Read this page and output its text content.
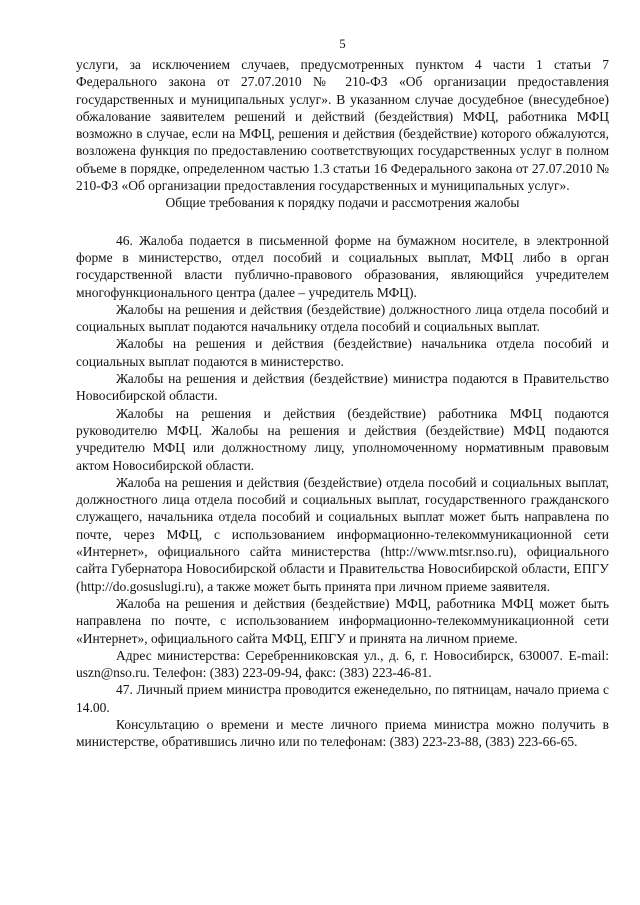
5

услуги, за исключением случаев, предусмотренных пунктом 4 части 1 статьи 7 Федерального закона от 27.07.2010 № 210-ФЗ «Об организации предоставления государственных и муниципальных услуг». В указанном случае досудебное (внесудебное) обжалование заявителем решений и действий (бездействия) МФЦ, работника МФЦ возможно в случае, если на МФЦ, решения и действия (бездействие) которого обжалуются, возложена функция по предоставлению соответствующих государственных услуг в полном объеме в порядке, определенном частью 1.3 статьи 16 Федерального закона от 27.07.2010 № 210-ФЗ «Об организации предоставления государственных и муниципальных услуг».

Общие требования к порядку подачи и рассмотрения жалобы

46. Жалоба подается в письменной форме на бумажном носителе, в электронной форме в министерство, отдел пособий и социальных выплат, МФЦ либо в орган государственной власти публично-правового образования, являющийся учредителем многофункционального центра (далее – учредитель МФЦ).

Жалобы на решения и действия (бездействие) должностного лица отдела пособий и социальных выплат подаются начальнику отдела пособий и социальных выплат.

Жалобы на решения и действия (бездействие) начальника отдела пособий и социальных выплат подаются в министерство.

Жалобы на решения и действия (бездействие) министра подаются в Правительство Новосибирской области.

Жалобы на решения и действия (бездействие) работника МФЦ подаются руководителю МФЦ. Жалобы на решения и действия (бездействие) МФЦ подаются учредителю МФЦ или должностному лицу, уполномоченному нормативным правовым актом Новосибирской области.

Жалоба на решения и действия (бездействие) отдела пособий и социальных выплат, должностного лица отдела пособий и социальных выплат, государственного гражданского служащего, начальника отдела пособий и социальных выплат может быть направлена по почте, через МФЦ, с использованием информационно-телекоммуникационной сети «Интернет», официального сайта министерства (http://www.mtsr.nso.ru), официального сайта Губернатора Новосибирской области и Правительства Новосибирской области, ЕПГУ (http://do.gosuslugi.ru), а также может быть принята при личном приеме заявителя.

Жалоба на решения и действия (бездействие) МФЦ, работника МФЦ может быть направлена по почте, с использованием информационно-телекоммуникационной сети «Интернет», официального сайта МФЦ, ЕПГУ и принята на личном приеме.

Адрес министерства: Серебренниковская ул., д. 6, г. Новосибирск, 630007. E-mail: uszn@nso.ru. Телефон: (383) 223-09-94, факс: (383) 223-46-81.

47. Личный прием министра проводится еженедельно, по пятницам, начало приема с 14.00.

Консультацию о времени и месте личного приема министра можно получить в министерстве, обратившись лично или по телефонам: (383) 223-23-88, (383) 223-66-65.
